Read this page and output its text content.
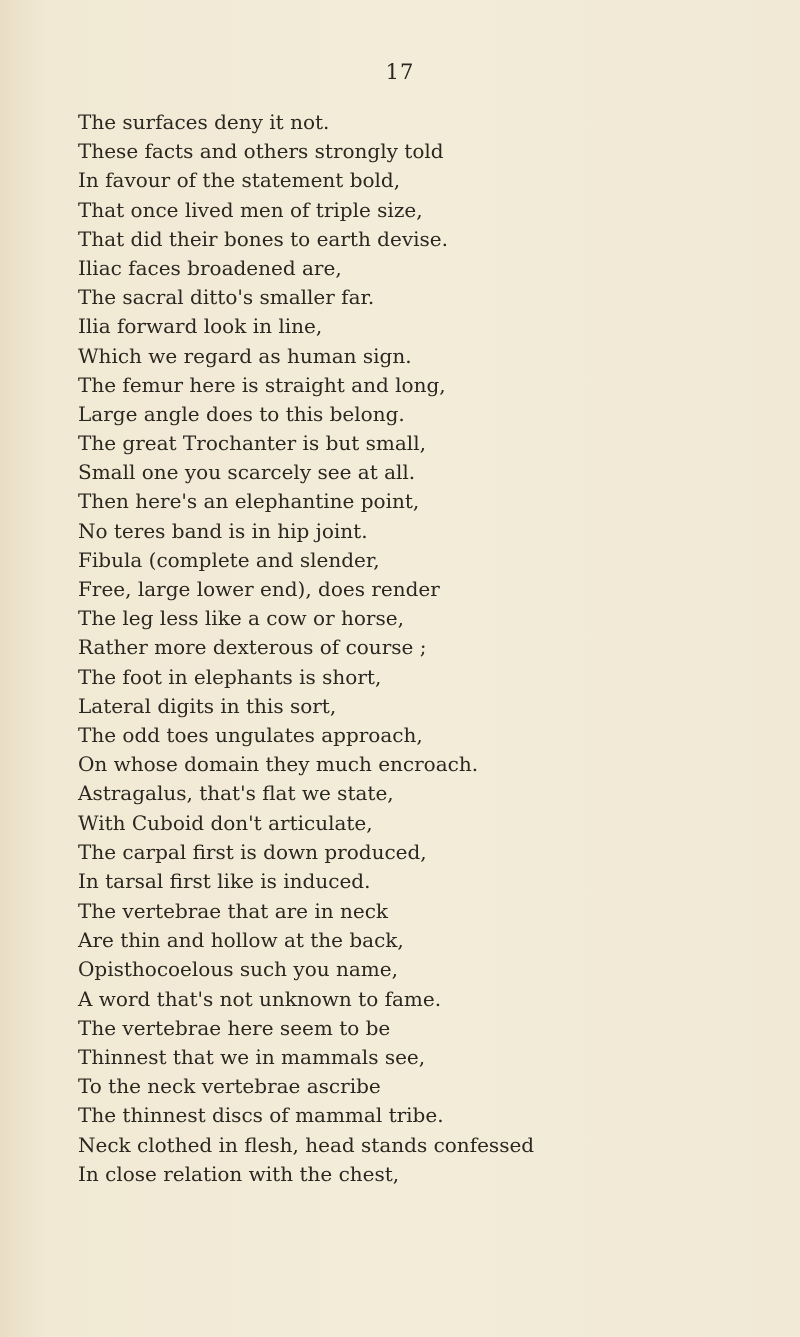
17
The surfaces deny it not.
These facts and others strongly told
In favour of the statement bold,
That once lived men of triple size,
That did their bones to earth devise.
Iliac faces broadened are,
The sacral ditto's smaller far.
Ilia forward look in line,
Which we regard as human sign.
The femur here is straight and long,
Large angle does to this belong.
The great Trochanter is but small,
Small one you scarcely see at all.
Then here's an elephantine point,
No teres band is in hip joint.
Fibula (complete and slender,
Free, large lower end), does render
The leg less like a cow or horse,
Rather more dexterous of course ;
The foot in elephants is short,
Lateral digits in this sort,
The odd toes ungulates approach,
On whose domain they much encroach.
Astragalus, that's flat we state,
With Cuboid don't articulate,
The carpal first is down produced,
In tarsal first like is induced.
The vertebrae that are in neck
Are thin and hollow at the back,
Opisthocoelous such you name,
A word that's not unknown to fame.
The vertebrae here seem to be
Thinnest that we in mammals see,
To the neck vertebrae ascribe
The thinnest discs of mammal tribe.
Neck clothed in flesh, head stands confessed
In close relation with the chest,
